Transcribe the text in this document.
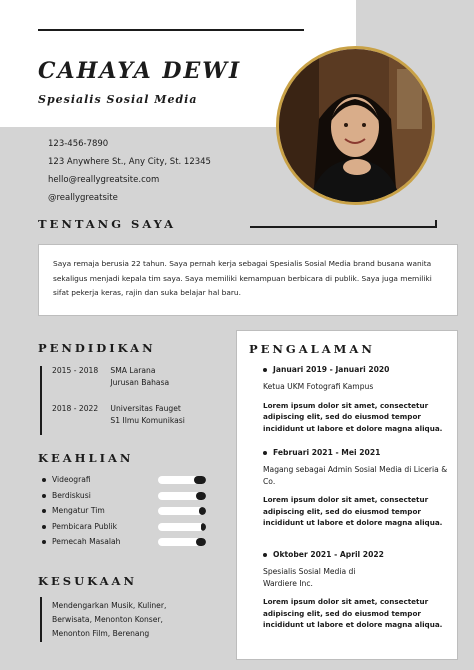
CAHAYA DEWI
Spesialis Sosial Media
123-456-7890
123 Anywhere St., Any City, St. 12345
hello@reallygreatsite.com
@reallygreatsite
TENTANG SAYA

Saya remaja berusia 22 tahun. Saya pernah kerja sebagai Spesialis Sosial Media brand busana wanita sekaligus menjadi kepala tim saya. Saya memiliki kemampuan berbicara di publik. Saya juga memiliki sifat pekerja keras, rajin dan suka belajar hal baru.

PENDIDIKAN
2015 - 2018 SMA Larana
Jurusan Bahasa
2018 - 2022 Universitas Fauget
S1 Ilmu Komunikasi
KEAHLIAN
Videografi
Berdiskusi
Mengatur Tim
Pembicara Publik
Pemecah Masalah
KESUKAAN
Mendengarkan Musik, Kuliner,
Berwisata, Menonton Konser,
Menonton Film, Berenang
PENGALAMAN
Januari 2019 - Januari 2020
Ketua UKM Fotografi Kampus
Lorem ipsum dolor sit amet, consectetur adipiscing elit, sed do eiusmod tempor incididunt ut labore et dolore magna aliqua.
Februari 2021 - Mei 2021
Magang sebagai Admin Sosial Media di Liceria & Co.
Lorem ipsum dolor sit amet, consectetur adipiscing elit, sed do eiusmod tempor incididunt ut labore et dolore magna aliqua.
Oktober 2021 - April 2022
Spesialis Sosial Media di
Wardiere Inc.
Lorem ipsum dolor sit amet, consectetur adipiscing elit, sed do eiusmod tempor incididunt ut labore et dolore magna aliqua.
